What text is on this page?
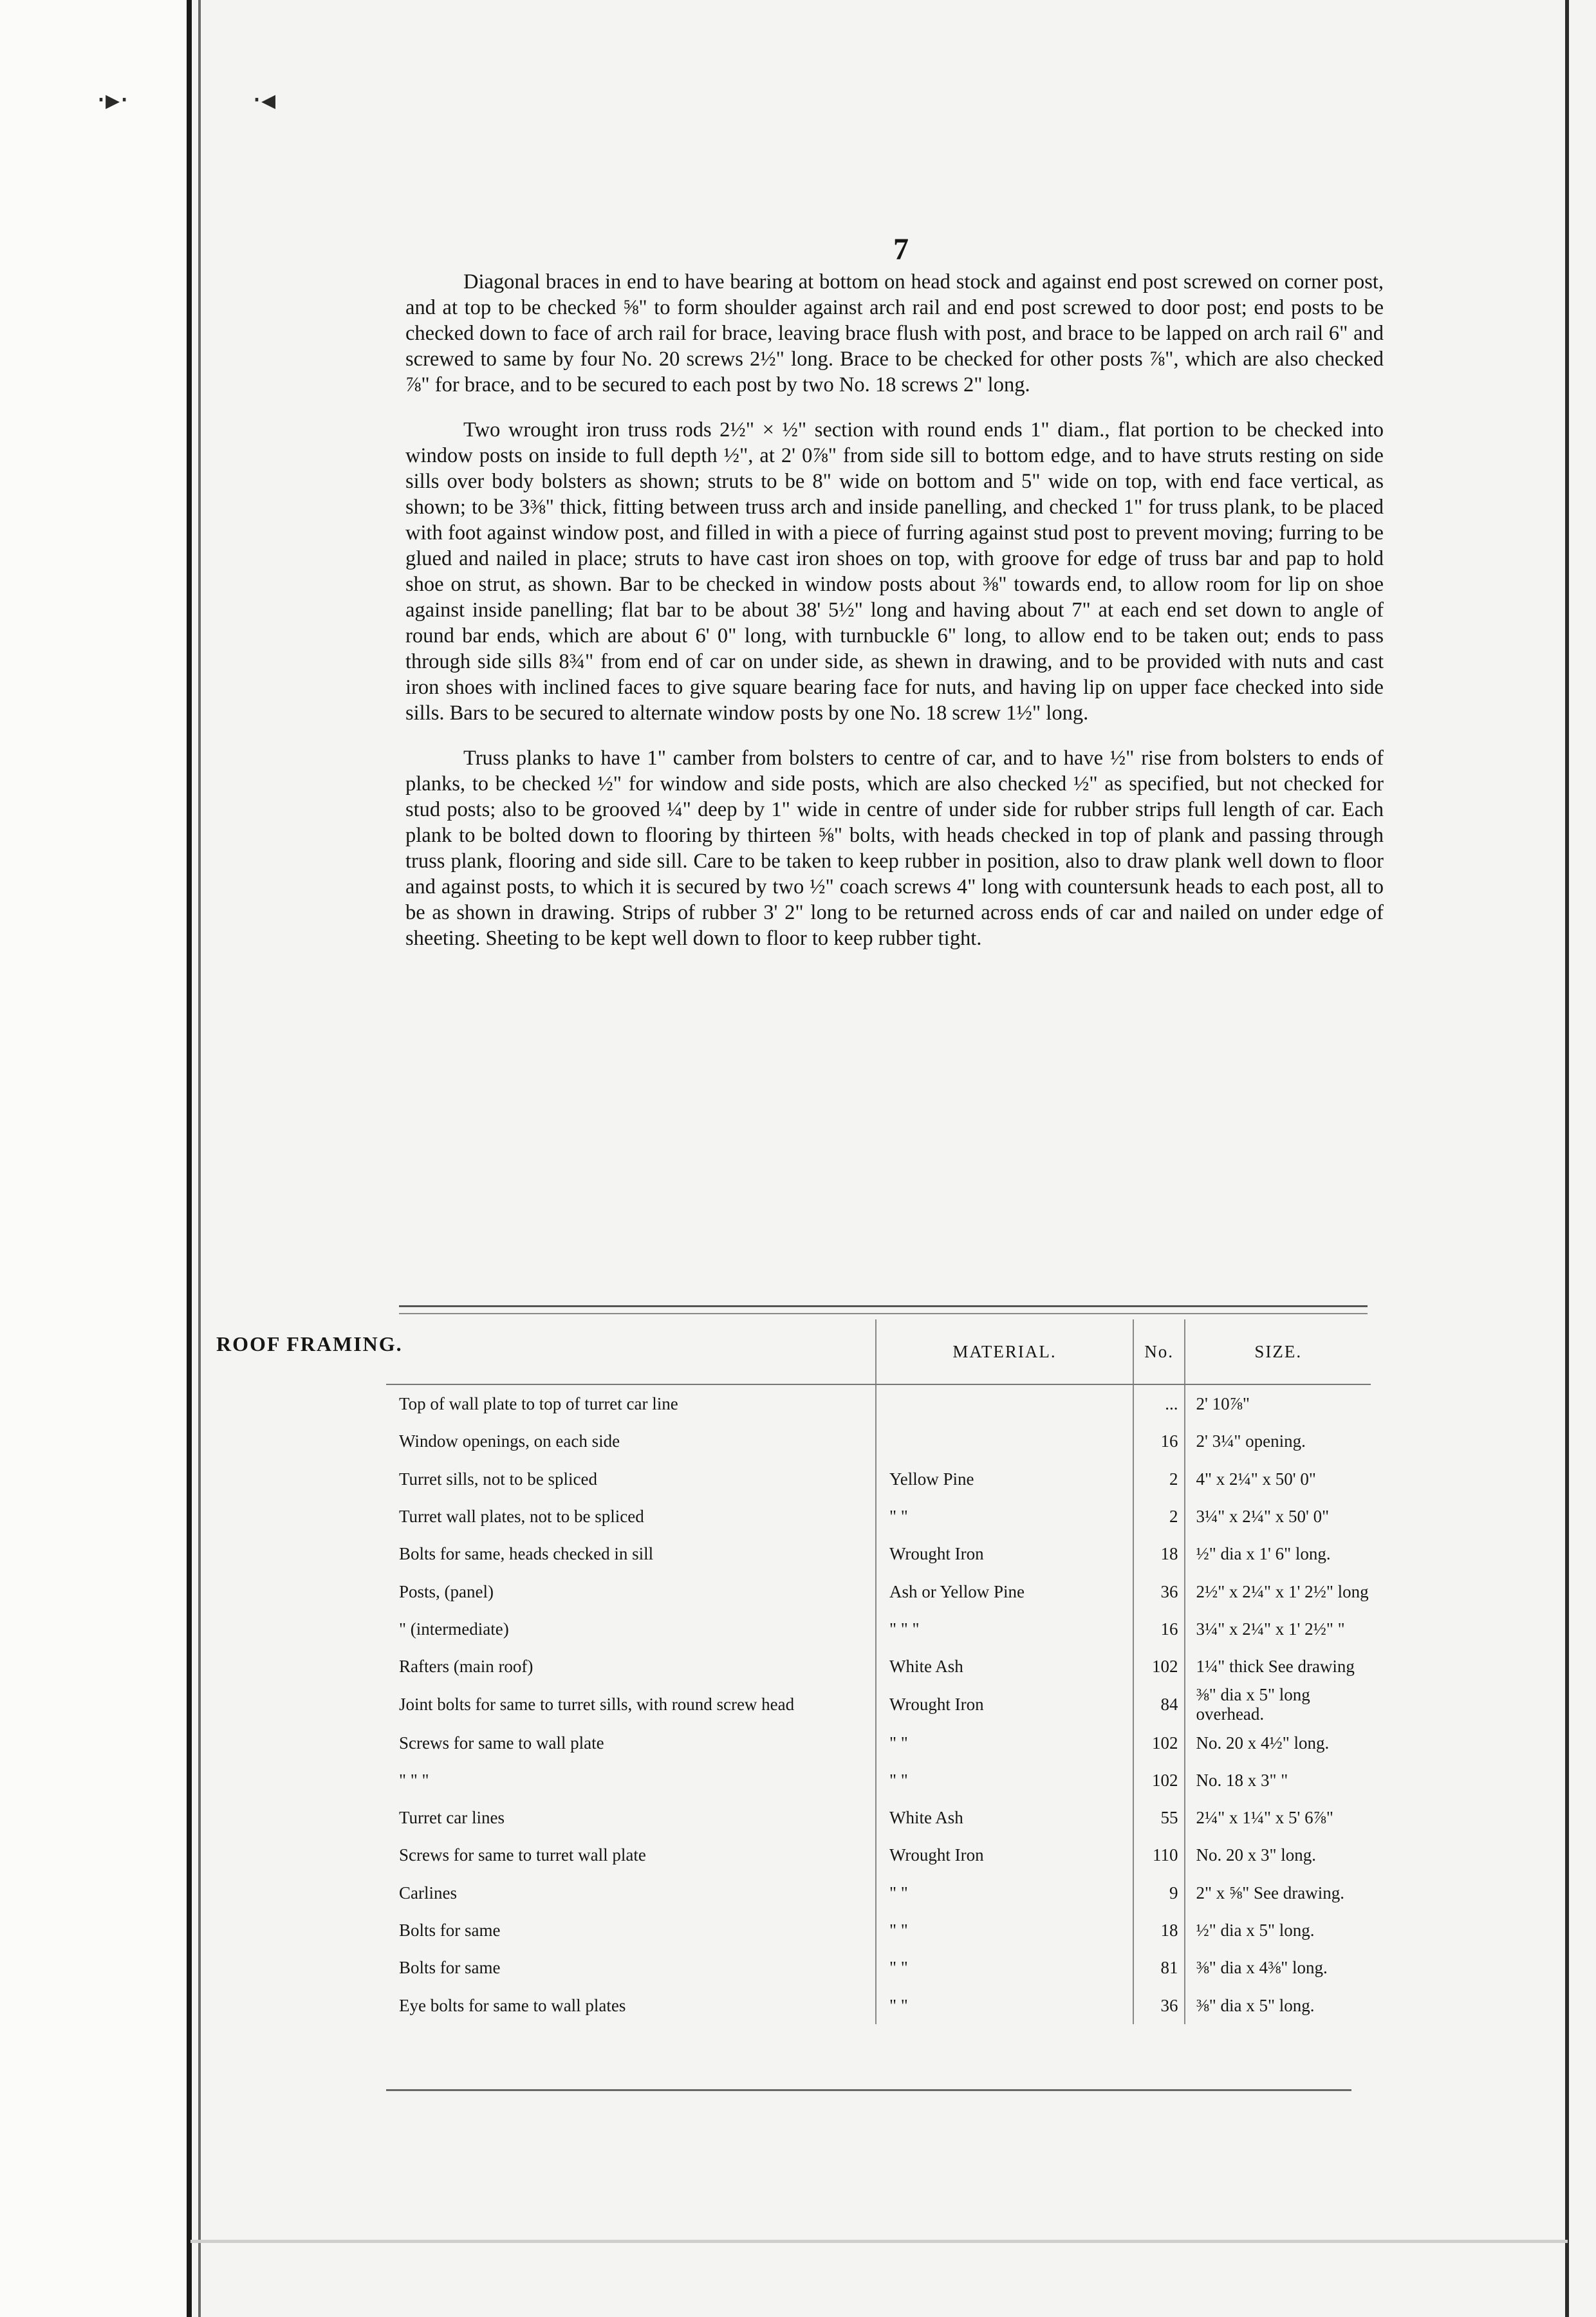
·▸·	·◂
7

Diagonal braces in end to have bearing at bottom on head stock and against end post screwed on corner post, and at top to be checked ⅝" to form shoulder against arch rail and end post screwed to door post; end posts to be checked down to face of arch rail for brace, leaving brace flush with post, and brace to be lapped on arch rail 6" and screwed to same by four No. 20 screws 2½" long. Brace to be checked for other posts ⅞", which are also checked ⅞" for brace, and to be secured to each post by two No. 18 screws 2" long.

Two wrought iron truss rods 2½" × ½" section with round ends 1" diam., flat portion to be checked into window posts on inside to full depth ½", at 2' 0⅞" from side sill to bottom edge, and to have struts resting on side sills over body bolsters as shown; struts to be 8" wide on bottom and 5" wide on top, with end face vertical, as shown; to be 3⅜" thick, fitting between truss arch and inside panelling, and checked 1" for truss plank, to be placed with foot against window post, and filled in with a piece of furring against stud post to prevent moving; furring to be glued and nailed in place; struts to have cast iron shoes on top, with groove for edge of truss bar and pap to hold shoe on strut, as shown. Bar to be checked in window posts about ⅜" towards end, to allow room for lip on shoe against inside panelling; flat bar to be about 38' 5½" long and having about 7" at each end set down to angle of round bar ends, which are about 6' 0" long, with turnbuckle 6" long, to allow end to be taken out; ends to pass through side sills 8¾" from end of car on under side, as shewn in drawing, and to be provided with nuts and cast iron shoes with inclined faces to give square bearing face for nuts, and having lip on upper face checked into side sills. Bars to be secured to alternate window posts by one No. 18 screw 1½" long.

Truss planks to have 1" camber from bolsters to centre of car, and to have ½" rise from bolsters to ends of planks, to be checked ½" for window and side posts, which are also checked ½" as specified, but not checked for stud posts; also to be grooved ¼" deep by 1" wide in centre of under side for rubber strips full length of car. Each plank to be bolted down to flooring by thirteen ⅝" bolts, with heads checked in top of plank and passing through truss plank, flooring and side sill. Care to be taken to keep rubber in position, also to draw plank well down to floor and against posts, to which it is secured by two ½" coach screws 4" long with countersunk heads to each post, all to be as shown in drawing. Strips of rubber 3' 2" long to be returned across ends of car and nailed on under edge of sheeting. Sheeting to be kept well down to floor to keep rubber tight.

ROOF FRAMING.
		MATERIAL.	No.	SIZE.
Top of wall plate to top of turret car line		...	2' 10⅞"
Window openings, on each side		16	2' 3¼" opening.
Turret sills, not to be spliced	Yellow Pine	2	4" x 2¼" x 50' 0"
Turret wall plates, not to be spliced	" "	2	3¼" x 2¼" x 50' 0"
Bolts for same, heads checked in sill	Wrought Iron	18	½" dia x 1' 6" long.
Posts, (panel)	Ash or Yellow Pine	36	2½" x 2¼" x 1' 2½" long
" (intermediate)	" " "	16	3¼" x 2¼" x 1' 2½" "
Rafters (main roof)	White Ash	102	1¼" thick See drawing
Joint bolts for same to turret sills, with round screw head	Wrought Iron	84	⅜" dia x 5" long overhead.
Screws for same to wall plate	" "	102	No. 20 x 4½" long.
" " "	" "	102	No. 18 x 3" "
Turret car lines	White Ash	55	2¼" x 1¼" x 5' 6⅞"
Screws for same to turret wall plate	Wrought Iron	110	No. 20 x 3" long.
Carlines	" "	9	2" x ⅝" See drawing.
Bolts for same	" "	18	½" dia x 5" long.
Bolts for same	" "	81	⅜" dia x 4⅜" long.
Eye bolts for same to wall plates	" "	36	⅜" dia x 5" long.
